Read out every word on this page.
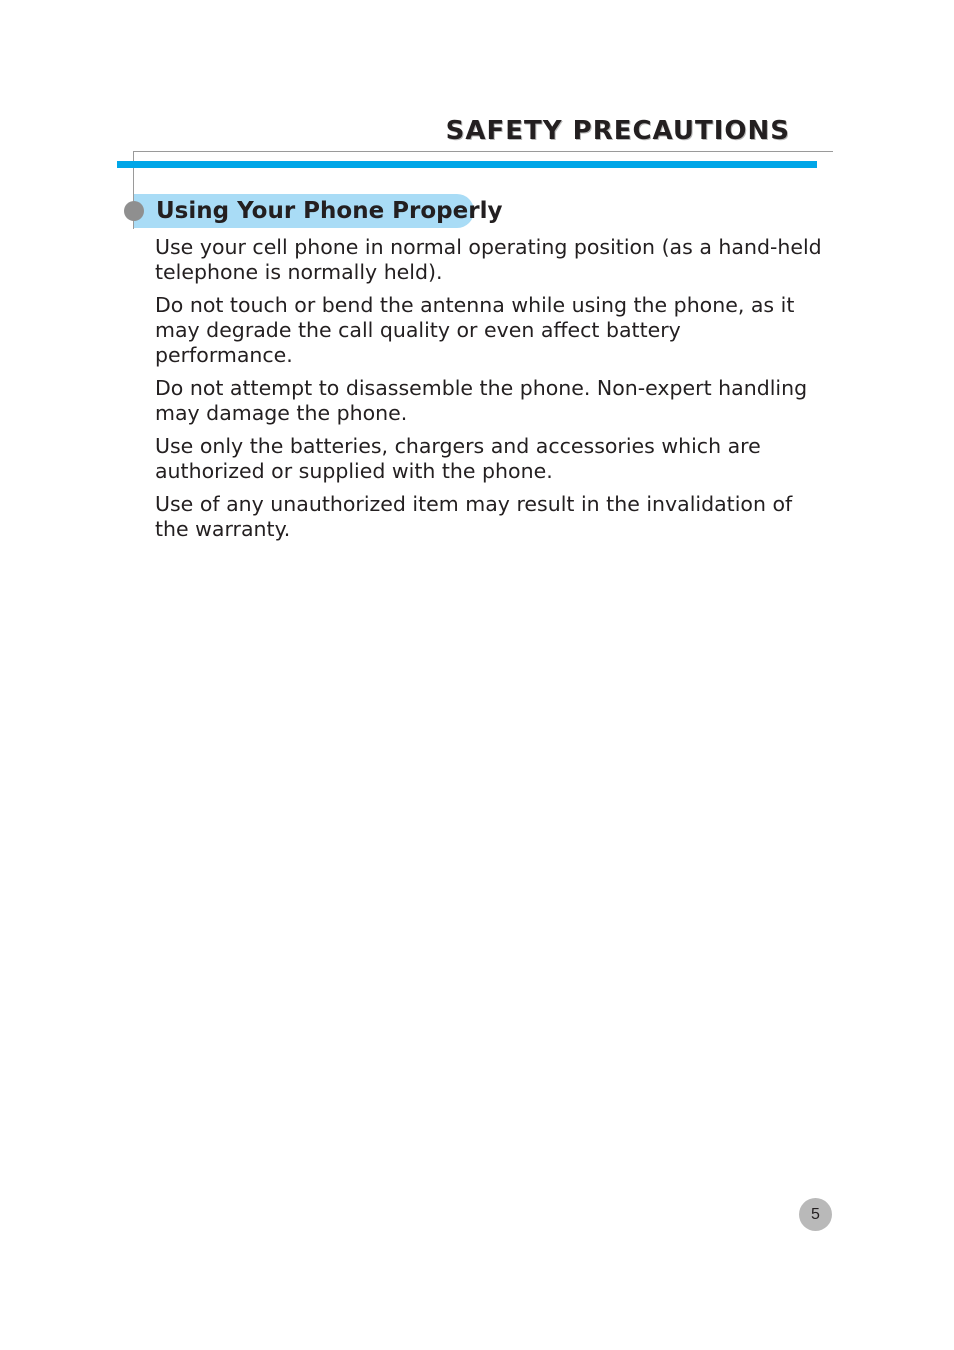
SAFETY PRECAUTIONS
Using Your Phone Properly

Use your cell phone in normal operating position (as a hand-held telephone is normally held).

Do not touch or bend the antenna while using the phone, as it may degrade the call quality or even affect battery performance.

Do not attempt to disassemble the phone. Non-expert handling may damage the phone.

Use only the batteries, chargers and accessories which are authorized or supplied with the phone.

Use of any unauthorized item may result in the invalidation of the warranty.

5
